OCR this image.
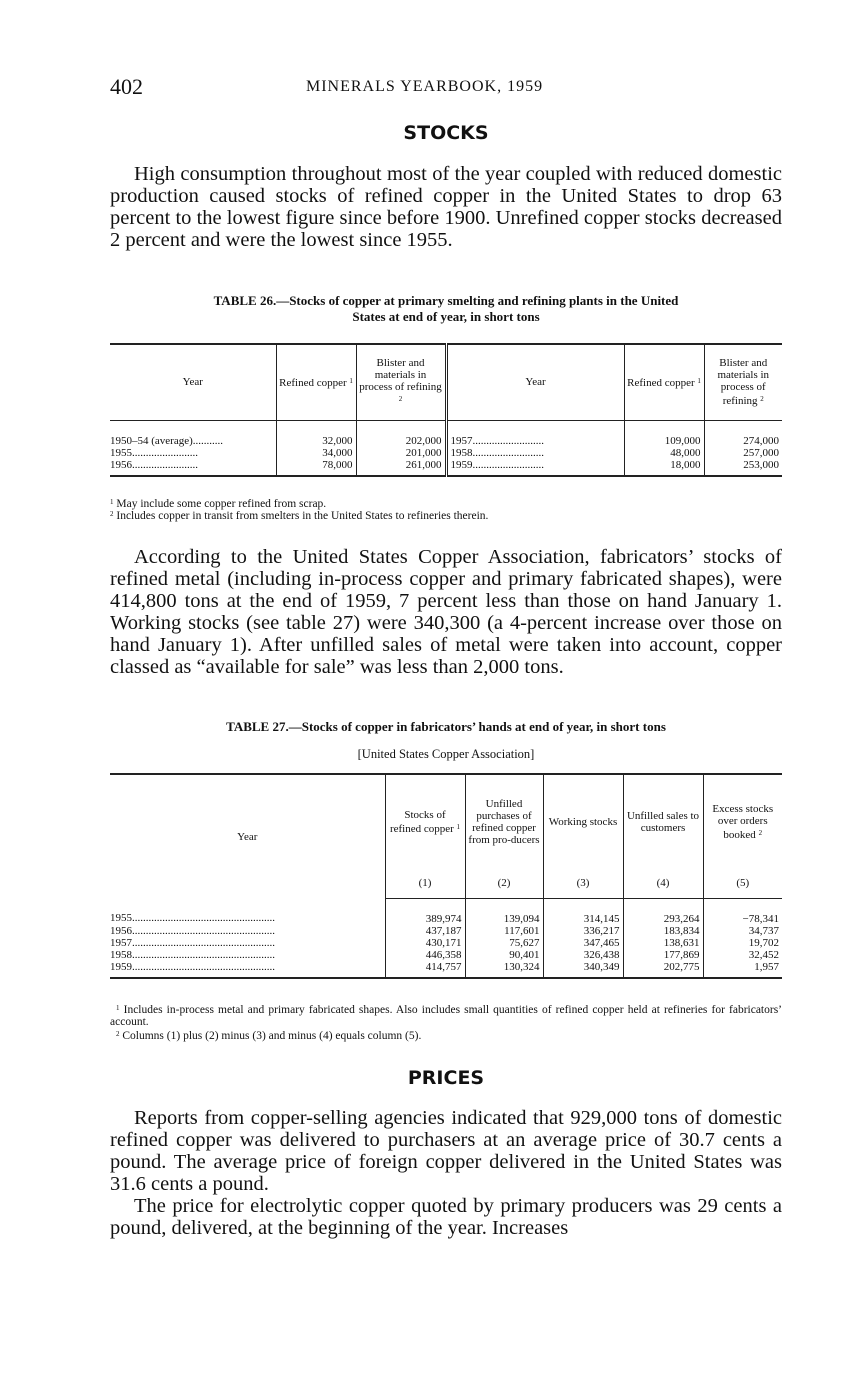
402	MINERALS YEARBOOK, 1959
STOCKS

High consumption throughout most of the year coupled with reduced domestic production caused stocks of refined copper in the United States to drop 63 percent to the lowest figure since before 1900. Unrefined copper stocks decreased 2 percent and were the lowest since 1955.

TABLE 26.—Stocks of copper at primary smelting and refining plants in the United
States at end of year, in short tons

Year	Refined copper $^1$	Blister and materials in process of refining $^2$	Year	Refined copper $^1$	Blister and materials in process of refining $^2$
1950–54 (average)...........	32,000	202,000	1957..........................	109,000	274,000
1955........................	34,000	201,000	1958..........................	48,000	257,000
1956........................	78,000	261,000	1959..........................	18,000	253,000

$^1$ May include some copper refined from scrap.

$^2$ Includes copper in transit from smelters in the United States to refineries therein.

According to the United States Copper Association, fabricators’ stocks of refined metal (including in-process copper and primary fabricated shapes), were 414,800 tons at the end of 1959, 7 percent less than those on hand January 1. Working stocks (see table 27) were 340,300 (a 4-percent increase over those on hand January 1). After unfilled sales of metal were taken into account, copper classed as “available for sale” was less than 2,000 tons.

TABLE 27.—Stocks of copper in fabricators’ hands at end of year, in short tons

[United States Copper Association]
Year	Stocks of refined copper $^1$	Unfilled purchases of refined copper from pro-ducers	Working stocks	Unfilled sales to customers	Excess stocks over orders booked $^2$
	(1)	(2)	(3)	(4)	(5)
1955....................................................	389,974	139,094	314,145	293,264	−78,341
1956....................................................	437,187	117,601	336,217	183,834	34,737
1957....................................................	430,171	75,627	347,465	138,631	19,702
1958....................................................	446,358	90,401	326,438	177,869	32,452
1959....................................................	414,757	130,324	340,349	202,775	1,957

$^1$ Includes in-process metal and primary fabricated shapes. Also includes small quantities of refined copper held at refineries for fabricators’ account.

$^2$ Columns (1) plus (2) minus (3) and minus (4) equals column (5).

PRICES

Reports from copper-selling agencies indicated that 929,000 tons of domestic refined copper was delivered to purchasers at an average price of 30.7 cents a pound. The average price of foreign copper delivered in the United States was 31.6 cents a pound.

The price for electrolytic copper quoted by primary producers was 29 cents a pound, delivered, at the beginning of the year. Increases
